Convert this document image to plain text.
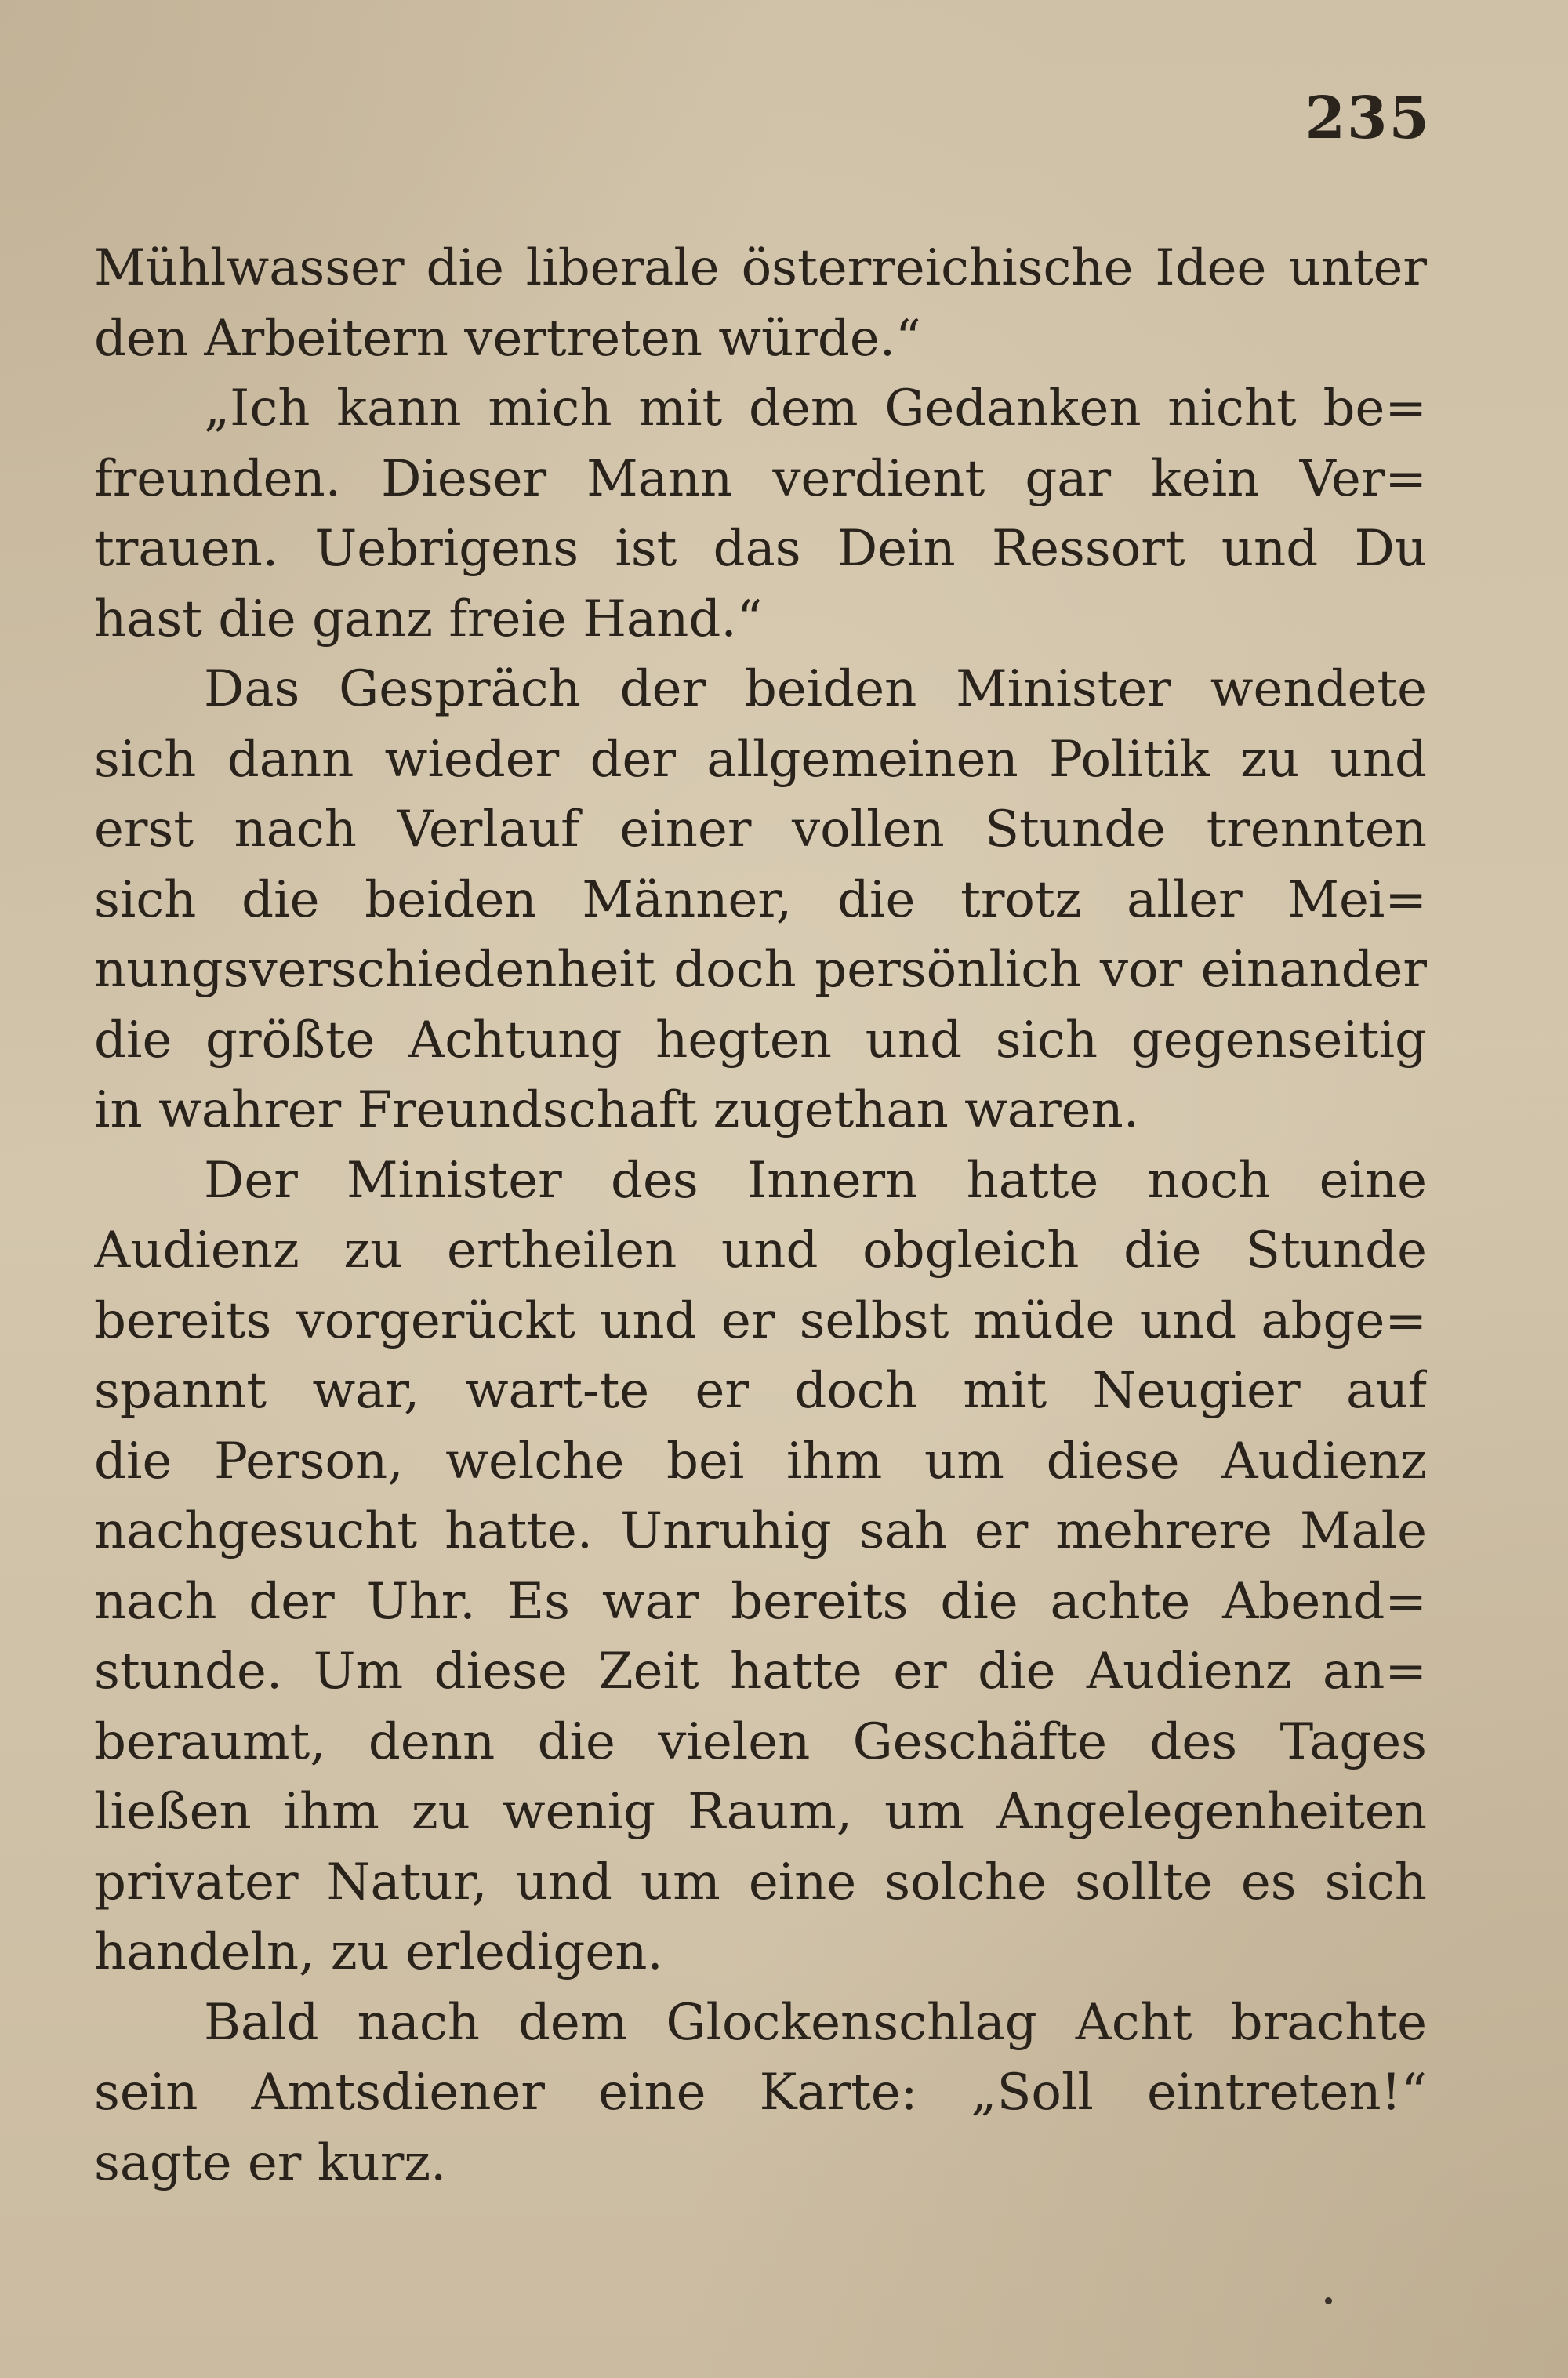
235
Mühlwasser die liberale österreichische Idee unter
den Arbeitern vertreten würde.“
„Ich kann mich mit dem Gedanken nicht be=
freunden. Dieser Mann verdient gar kein Ver=
trauen. Uebrigens ist das Dein Ressort und Du
hast die ganz freie Hand.“
Das Gespräch der beiden Minister wendete
sich dann wieder der allgemeinen Politik zu und
erst nach Verlauf einer vollen Stunde trennten
sich die beiden Männer, die trotz aller Mei=
nungsverschiedenheit doch persönlich vor einander
die größte Achtung hegten und sich gegenseitig
in wahrer Freundschaft zugethan waren.
Der Minister des Innern hatte noch eine
Audienz zu ertheilen und obgleich die Stunde
bereits vorgerückt und er selbst müde und abge=
spannt war, wart-te er doch mit Neugier auf
die Person, welche bei ihm um diese Audienz
nachgesucht hatte. Unruhig sah er mehrere Male
nach der Uhr. Es war bereits die achte Abend=
stunde. Um diese Zeit hatte er die Audienz an=
beraumt, denn die vielen Geschäfte des Tages
ließen ihm zu wenig Raum, um Angelegenheiten
privater Natur, und um eine solche sollte es sich
handeln, zu erledigen.
Bald nach dem Glockenschlag Acht brachte
sein Amtsdiener eine Karte: „Soll eintreten!“
sagte er kurz.
